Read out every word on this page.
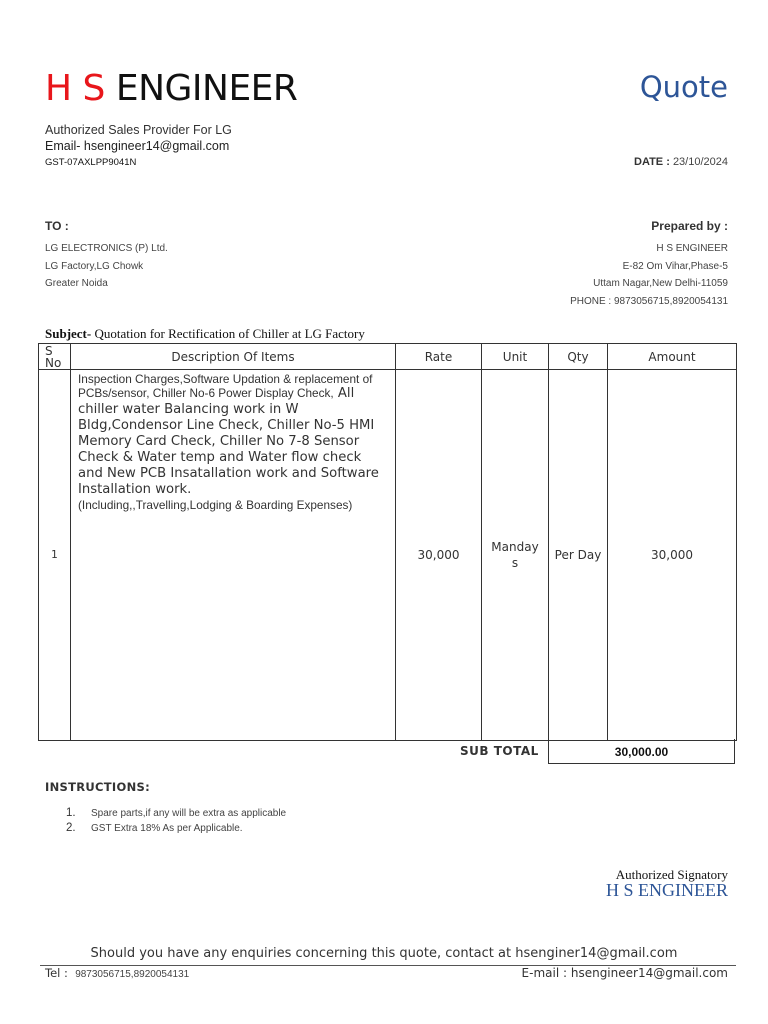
H S ENGINEER	Quote
Authorized Sales Provider For LG
Email- hsengineer14@gmail.com
GST-07AXLPP9041N	DATE : 23/10/2024
TO :
LG ELECTRONICS (P) Ltd.
LG Factory,LG Chowk
Greater Noida
Prepared by :
H S ENGINEER
E-82 Om Vihar,Phase-5
Uttam Nagar,New Delhi-11059
PHONE : 9873056715,8920054131
Subject- Quotation for Rectification of Chiller at LG Factory
S No	Description Of Items	Rate	Unit	Qty	Amount
1	Inspection Charges,Software Updation & replacement of PCBs/sensor, Chiller No-6 Power Display Check, All chiller water Balancing work in W Bldg,Condensor Line Check, Chiller No-5 HMI Memory Card Check, Chiller No 7-8 Sensor Check & Water temp and Water flow check and New PCB Insatallation work and Software Installation work.
(Including,,Travelling,Lodging & Boarding Expenses)	30,000	Mandays	Per Day	30,000
SUB TOTAL	30,000.00
INSTRUCTIONS:
1. Spare parts,if any will be extra as applicable
2. GST Extra 18% As per Applicable.
Authorized Signatory
H S ENGINEER
Should you have any enquiries concerning this quote, contact at hsenginer14@gmail.com
Tel : 9873056715,8920054131	E-mail : hsengineer14@gmail.com
